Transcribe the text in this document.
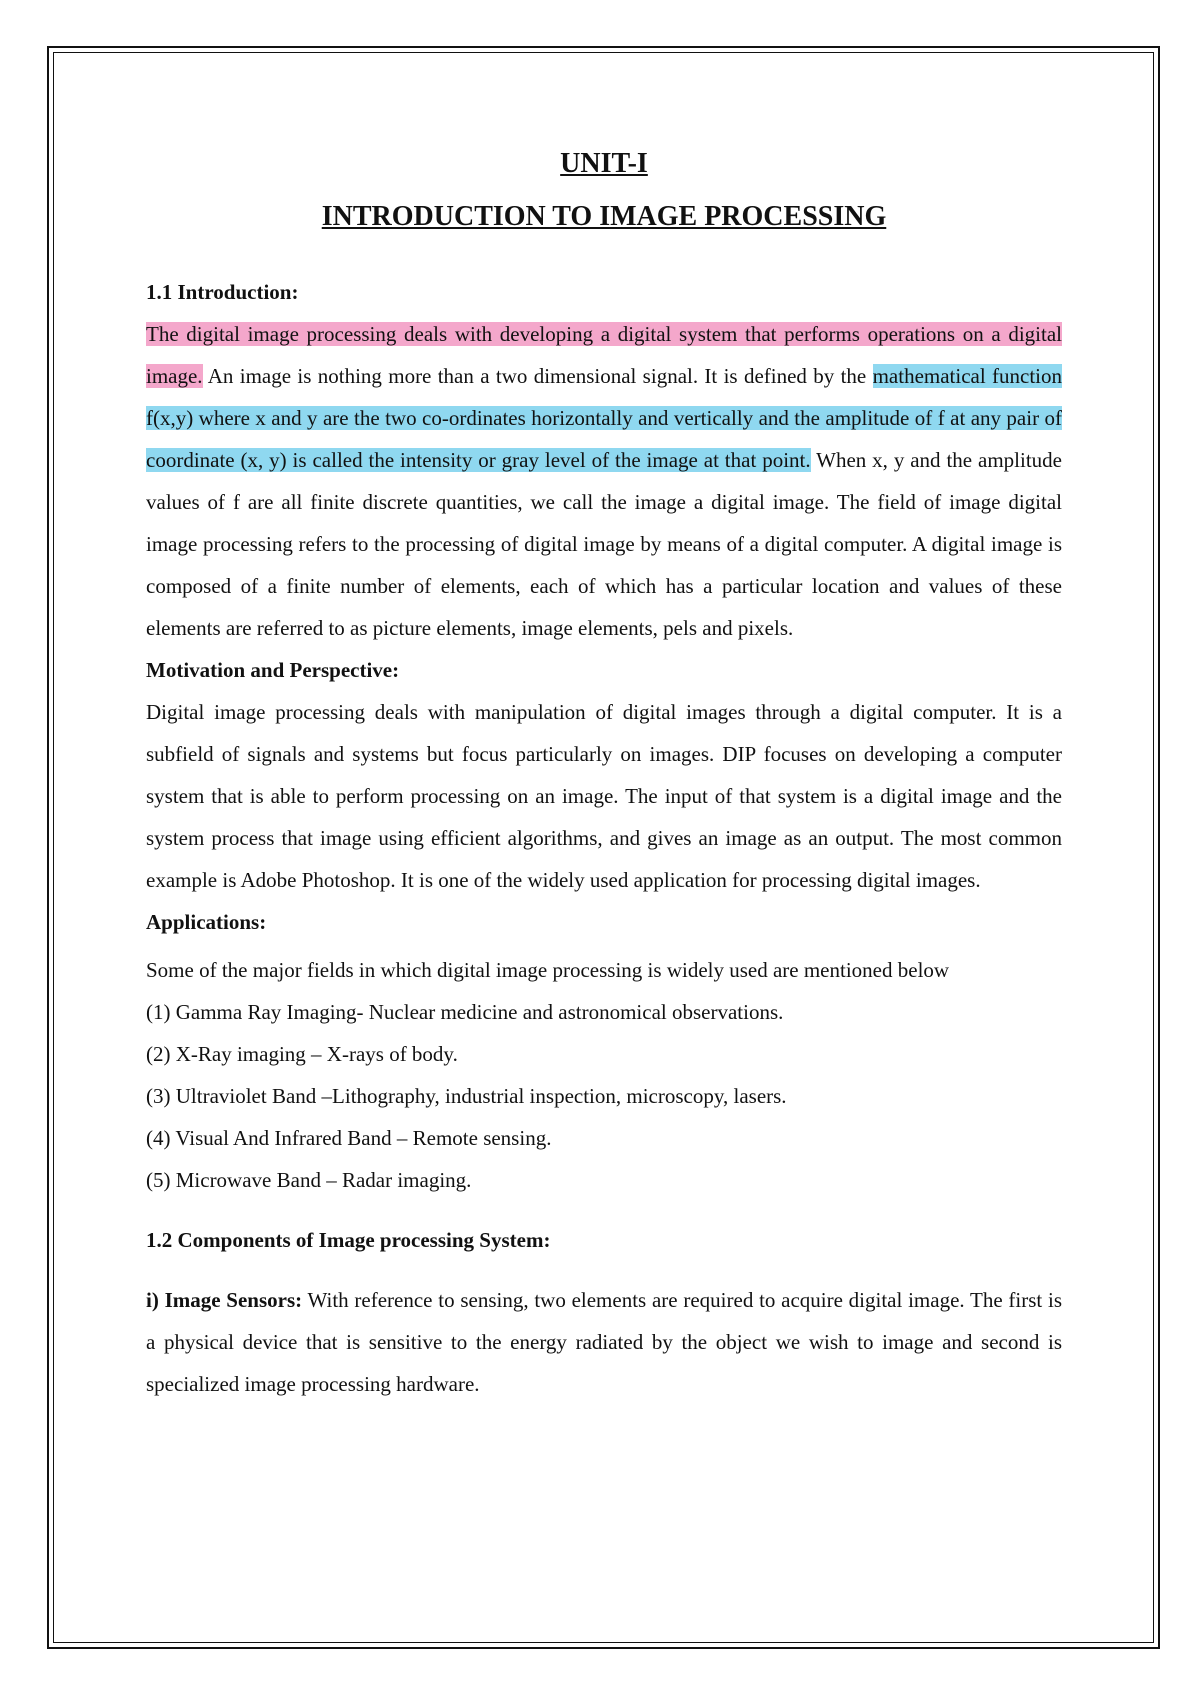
UNIT-I
INTRODUCTION TO IMAGE PROCESSING

1.1 Introduction:

The digital image processing deals with developing a digital system that performs operations on a digital image. An image is nothing more than a two dimensional signal. It is defined by the mathematical function f(x,y) where x and y are the two co-ordinates horizontally and vertically and the amplitude of f at any pair of coordinate (x, y) is called the intensity or gray level of the image at that point. When x, y and the amplitude values of f are all finite discrete quantities, we call the image a digital image. The field of image digital image processing refers to the processing of digital image by means of a digital computer. A digital image is composed of a finite number of elements, each of which has a particular location and values of these elements are referred to as picture elements, image elements, pels and pixels.

Motivation and Perspective:

Digital image processing deals with manipulation of digital images through a digital computer. It is a subfield of signals and systems but focus particularly on images. DIP focuses on developing a computer system that is able to perform processing on an image. The input of that system is a digital image and the system process that image using efficient algorithms, and gives an image as an output. The most common example is Adobe Photoshop. It is one of the widely used application for processing digital images.

Applications:

Some of the major fields in which digital image processing is widely used are mentioned below

(1) Gamma Ray Imaging- Nuclear medicine and astronomical observations.

(2) X-Ray imaging – X-rays of body.

(3) Ultraviolet Band –Lithography, industrial inspection, microscopy, lasers.

(4) Visual And Infrared Band – Remote sensing.

(5) Microwave Band – Radar imaging.

1.2 Components of Image processing System:

i) Image Sensors: With reference to sensing, two elements are required to acquire digital image. The first is a physical device that is sensitive to the energy radiated by the object we wish to image and second is specialized image processing hardware.
